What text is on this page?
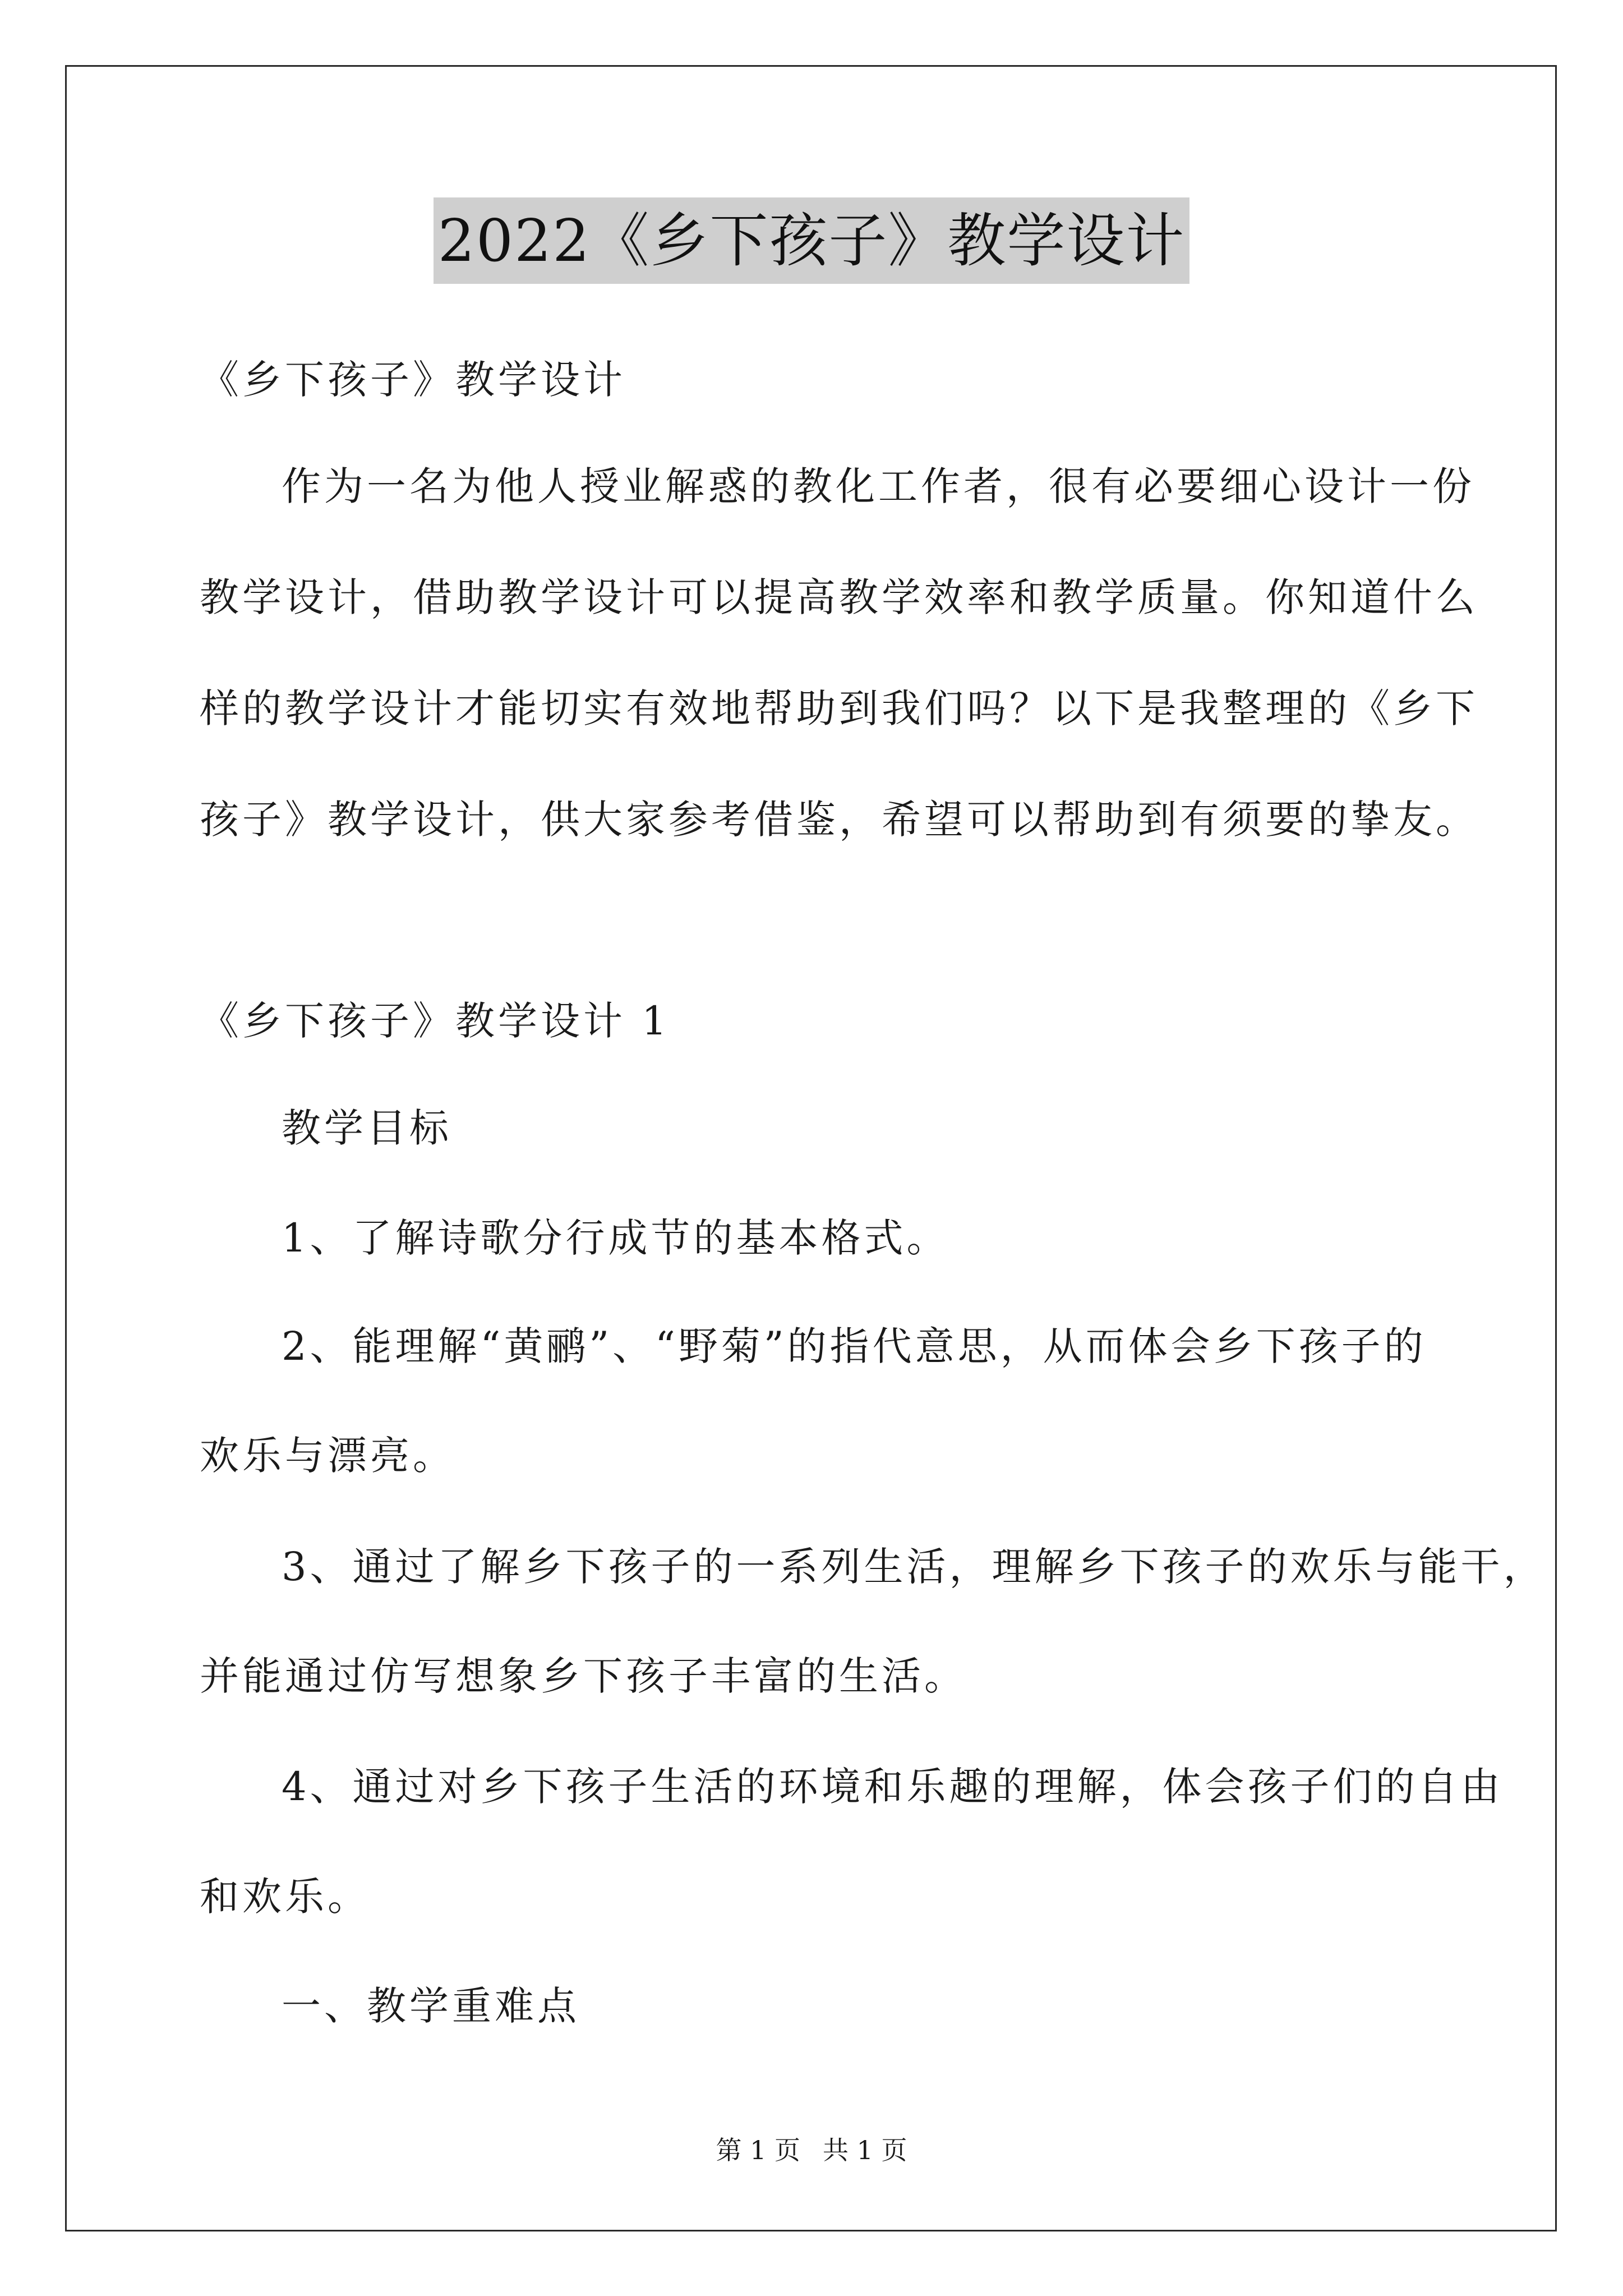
2022《乡下孩子》教学设计

《乡下孩子》教学设计

作为一名为他人授业解惑的教化工作者，很有必要细心设计一份

教学设计，借助教学设计可以提高教学效率和教学质量。你知道什么

样的教学设计才能切实有效地帮助到我们吗？以下是我整理的《乡下

孩子》教学设计，供大家参考借鉴，希望可以帮助到有须要的挚友。

《乡下孩子》教学设计 1

教学目标

1、了解诗歌分行成节的基本格式。

2、能理解“黄鹂”、“野菊”的指代意思，从而体会乡下孩子的

欢乐与漂亮。

3、通过了解乡下孩子的一系列生活，理解乡下孩子的欢乐与能干，

并能通过仿写想象乡下孩子丰富的生活。

4、通过对乡下孩子生活的环境和乐趣的理解，体会孩子们的自由

和欢乐。

一、教学重难点

第 1 页 共 1 页
